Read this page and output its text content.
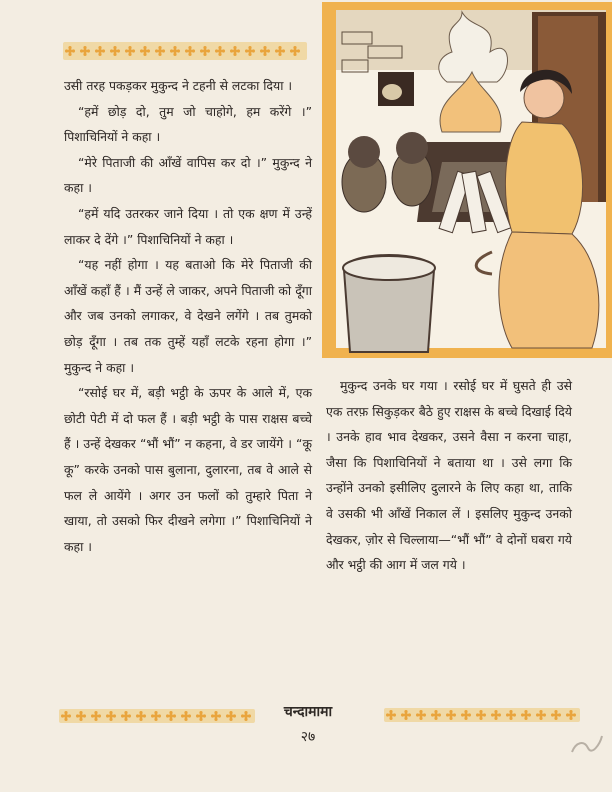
उसी तरह पकड़कर मुकुन्द ने टहनी से लटका दिया ।

“हमें छोड़ दो, तुम जो चाहोगे, हम करेंगे ।” पिशाचिनियों ने कहा ।

“मेरे पिताजी की आँखें वापिस कर दो ।” मुकुन्द ने कहा ।

“हमें यदि उतरकर जाने दिया । तो एक क्षण में उन्हें लाकर दे देंगे ।” पिशाचिनियों ने कहा ।

“यह नहीं होगा । यह बताओ कि मेरे पिताजी की आँखें कहाँ हैं । मैं उन्हें ले जाकर, अपने पिताजी को दूँगा और जब उनको लगाकर, वे देखने लगेंगे । तब तुमको छोड़ दूँगा । तब तक तुम्हें यहाँ लटके रहना होगा ।” मुकुन्द ने कहा ।

“रसोई घर में, बड़ी भट्ठी के ऊपर के आले में, एक छोटी पेटी में दो फल हैं । बड़ी भट्ठी के पास राक्षस बच्चे हैं । उन्हें देखकर “भौं भौं” न कहना, वे डर जायेंगे । “कू कू” करके उनको पास बुलाना, दुलारना, तब वे आले से फल ले आयेंगे । अगर उन फलों को तुम्हारे पिता ने खाया, तो उसको फिर दीखने लगेगा ।” पिशाचिनियों ने कहा ।

मुकुन्द उनके घर गया । रसोई घर में घुसते ही उसे एक तरफ़ सिकुड़कर बैठे हुए राक्षस के बच्चे दिखाई दिये । उनके हाव भाव देखकर, उसने वैसा न करना चाहा, जैसा कि पिशाचिनियों ने बताया था । उसे लगा कि उन्होंने उनको इसीलिए दुलारने के लिए कहा था, ताकि वे उसकी भी आँखें निकाल लें । इसलिए मुकुन्द उनको देखकर, ज़ोर से चिल्लाया—“भौं भौं” वे दोनों घबरा गये और भट्ठी की आग में जल गये ।

चन्दामामा
२७
